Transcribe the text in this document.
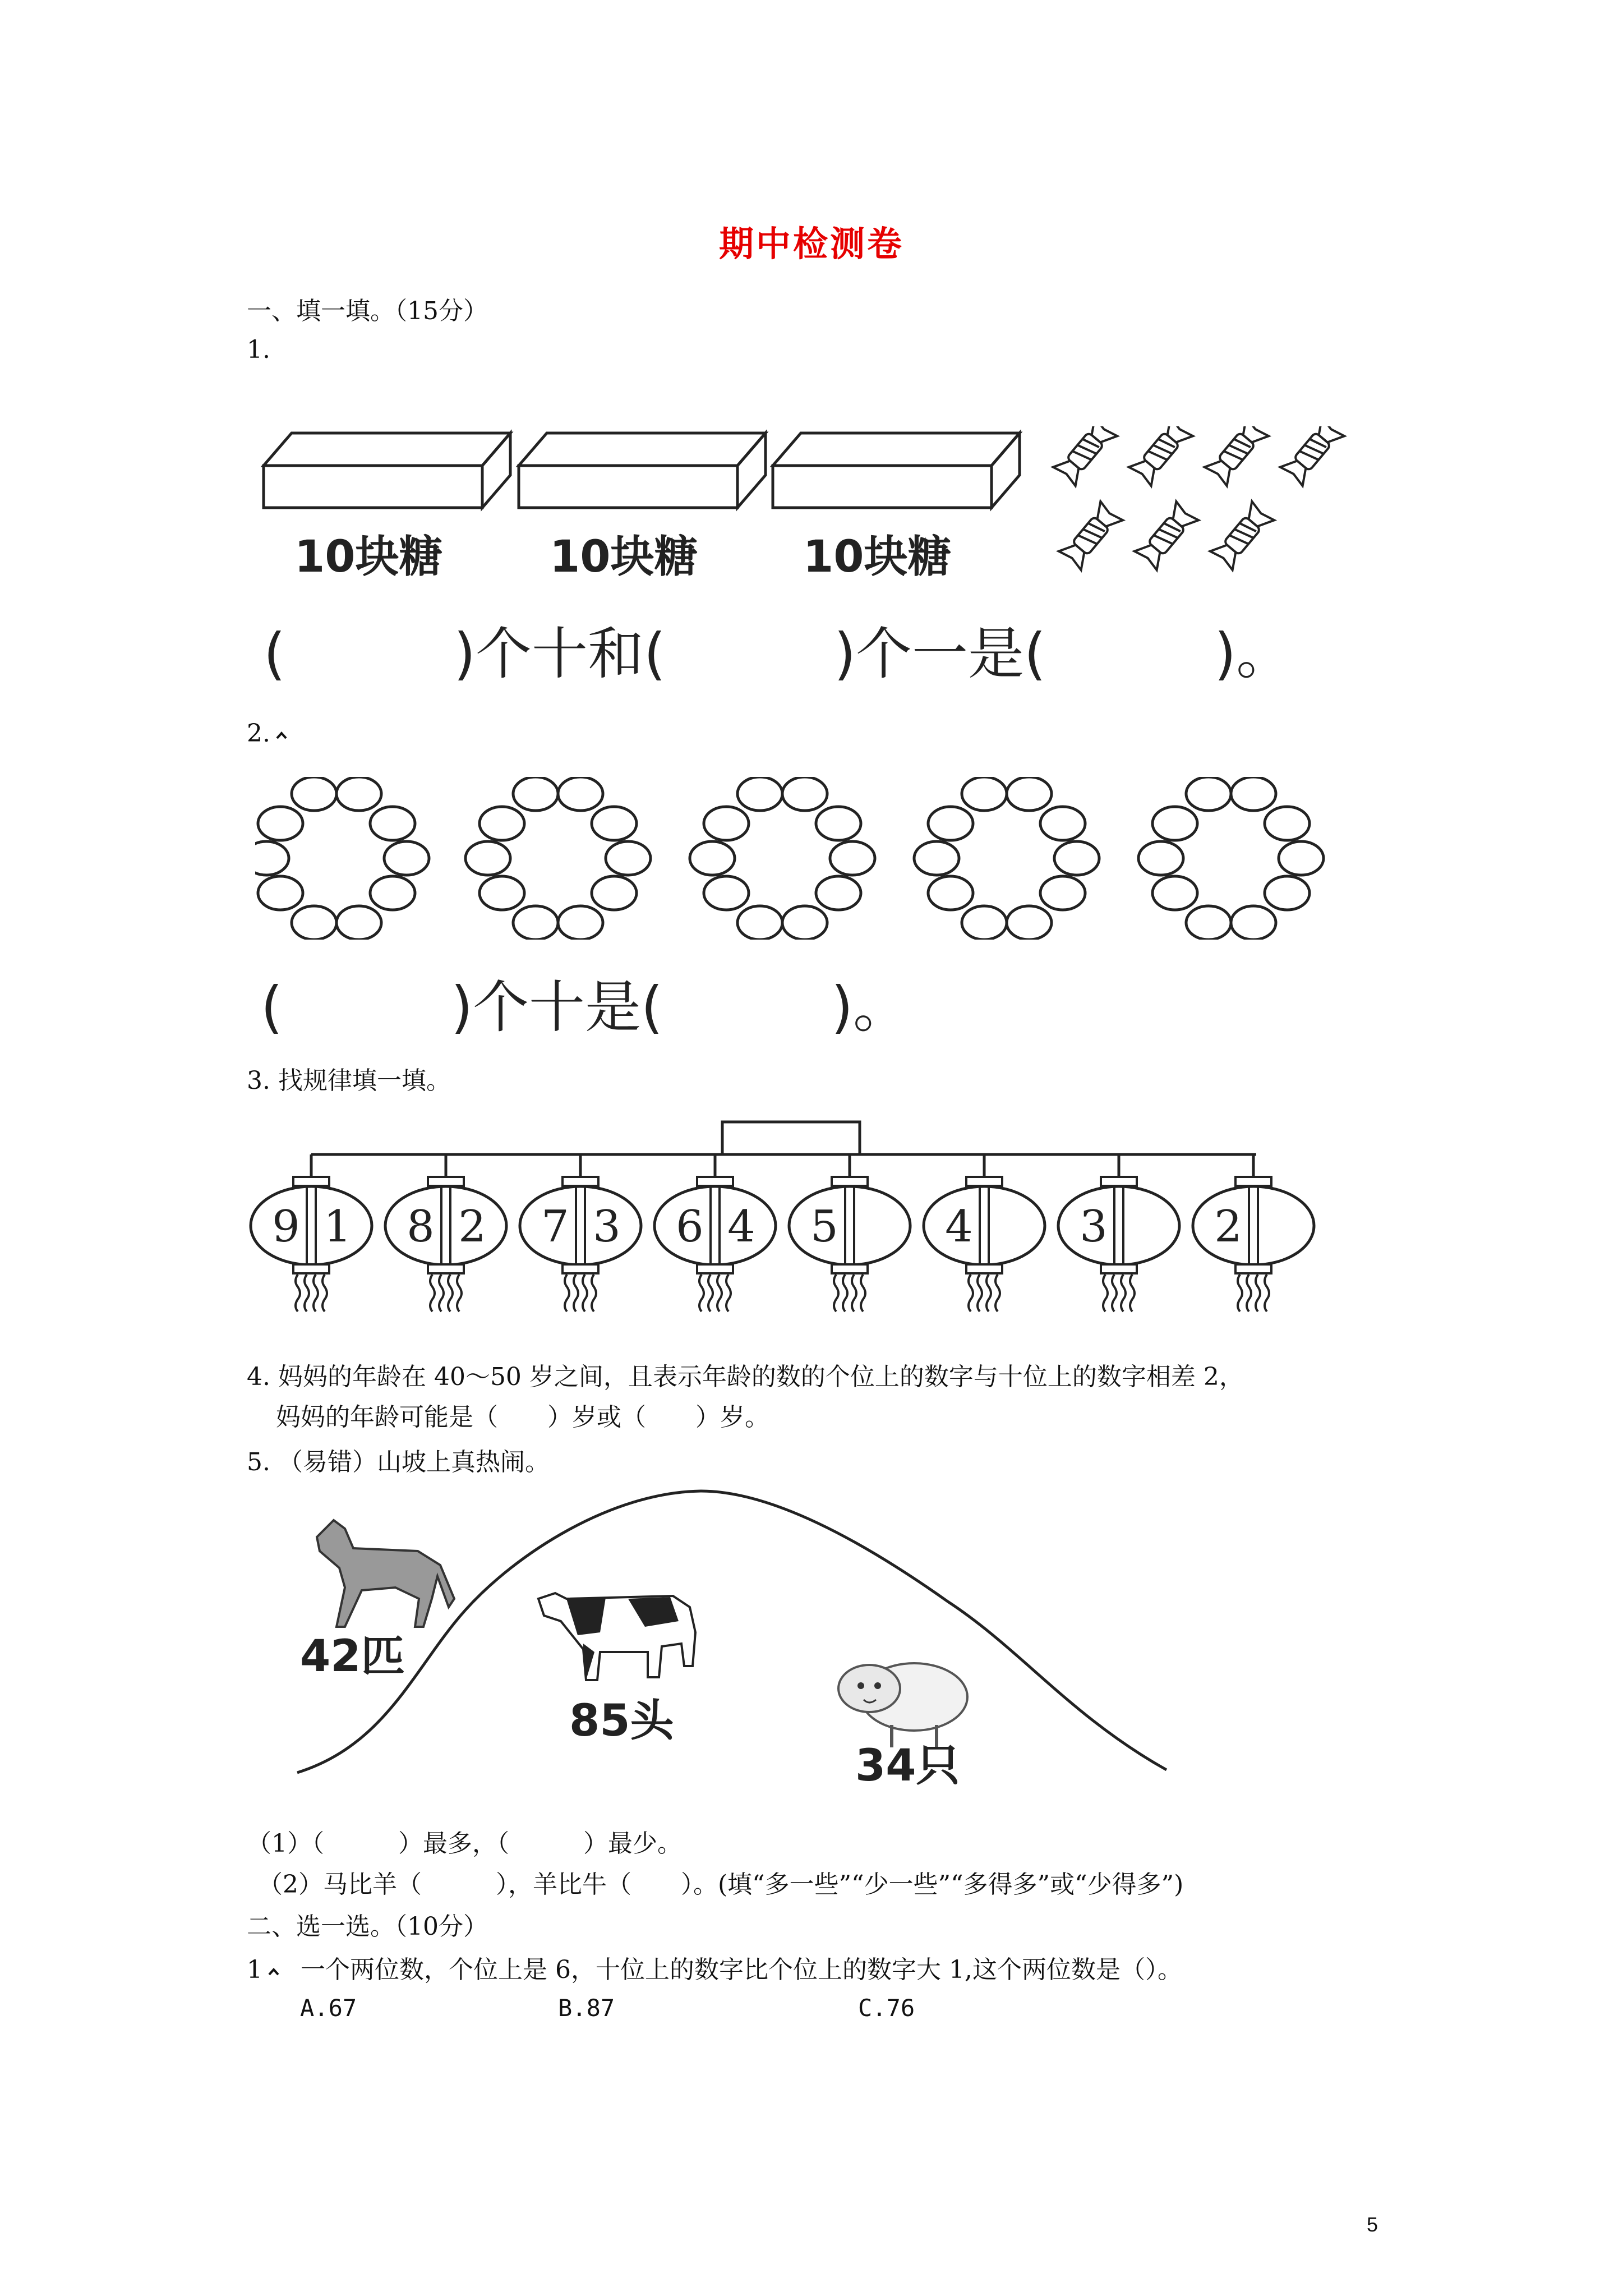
期中检测卷
一、填一填。（15分）
1.
10块糖 10块糖 10块糖
(　　　)个十和(　　　)个一是(　　　)。
2.
(　　　)个十是(　　　)。
3. 找规律填一填。
9 1 8 2 7 3 6 4 5 4 3 2
4. 妈妈的年龄在 40～50 岁之间，且表示年龄的数的个位上的数字与十位上的数字相差 2，
妈妈的年龄可能是（　　）岁或（　　）岁。
5. （易错）山坡上真热闹。
42匹
85头
34只
（1）（　　　）最多，（　　　）最少。
（2）马比羊（　　　），羊比牛（　　）。(填“多一些”“少一些”“多得多”或“少得多”)
二、选一选。（10分）
1 一个两位数，个位上是 6，十位上的数字比个位上的数字大 1,这个两位数是（）。
A.67	B.87	C.76
5
